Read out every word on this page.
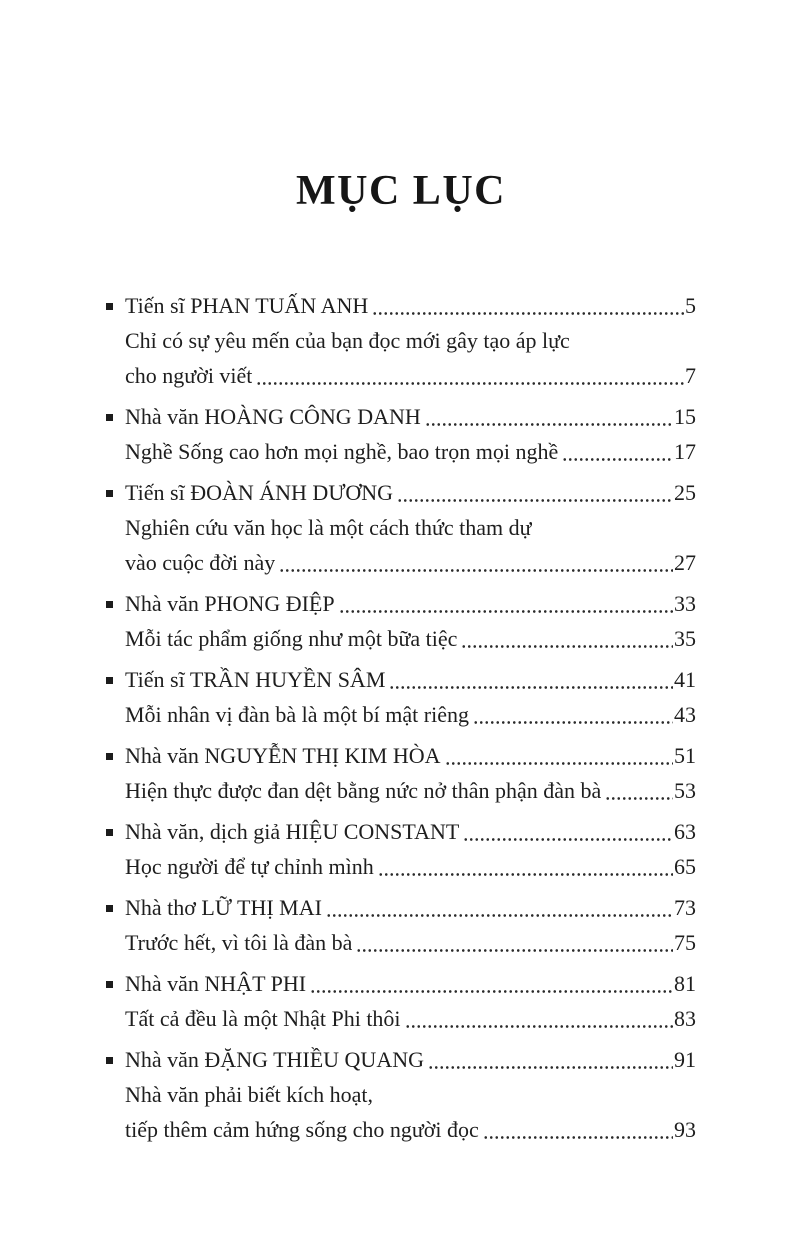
MỤC LỤC
Tiến sĩ PHAN TUẤN ANH	5
Chỉ có sự yêu mến của bạn đọc mới gây tạo áp lực
cho người viết	7
Nhà văn HOÀNG CÔNG DANH	15
Nghề Sống cao hơn mọi nghề, bao trọn mọi nghề	17
Tiến sĩ ĐOÀN ÁNH DƯƠNG	25
Nghiên cứu văn học là một cách thức tham dự
vào cuộc đời này	27
Nhà văn PHONG ĐIỆP	33
Mỗi tác phẩm giống như một bữa tiệc	35
Tiến sĩ TRẦN HUYỀN SÂM	41
Mỗi nhân vị đàn bà là một bí mật riêng	43
Nhà văn NGUYỄN THỊ KIM HÒA	51
Hiện thực được đan dệt bằng nức nở thân phận đàn bà	53
Nhà văn, dịch giả HIỆU CONSTANT	63
Học người để tự chỉnh mình	65
Nhà thơ LỮ THỊ MAI	73
Trước hết, vì tôi là đàn bà	75
Nhà văn NHẬT PHI	81
Tất cả đều là một Nhật Phi thôi	83
Nhà văn ĐẶNG THIỀU QUANG	91
Nhà văn phải biết kích hoạt,
tiếp thêm cảm hứng sống cho người đọc	93
